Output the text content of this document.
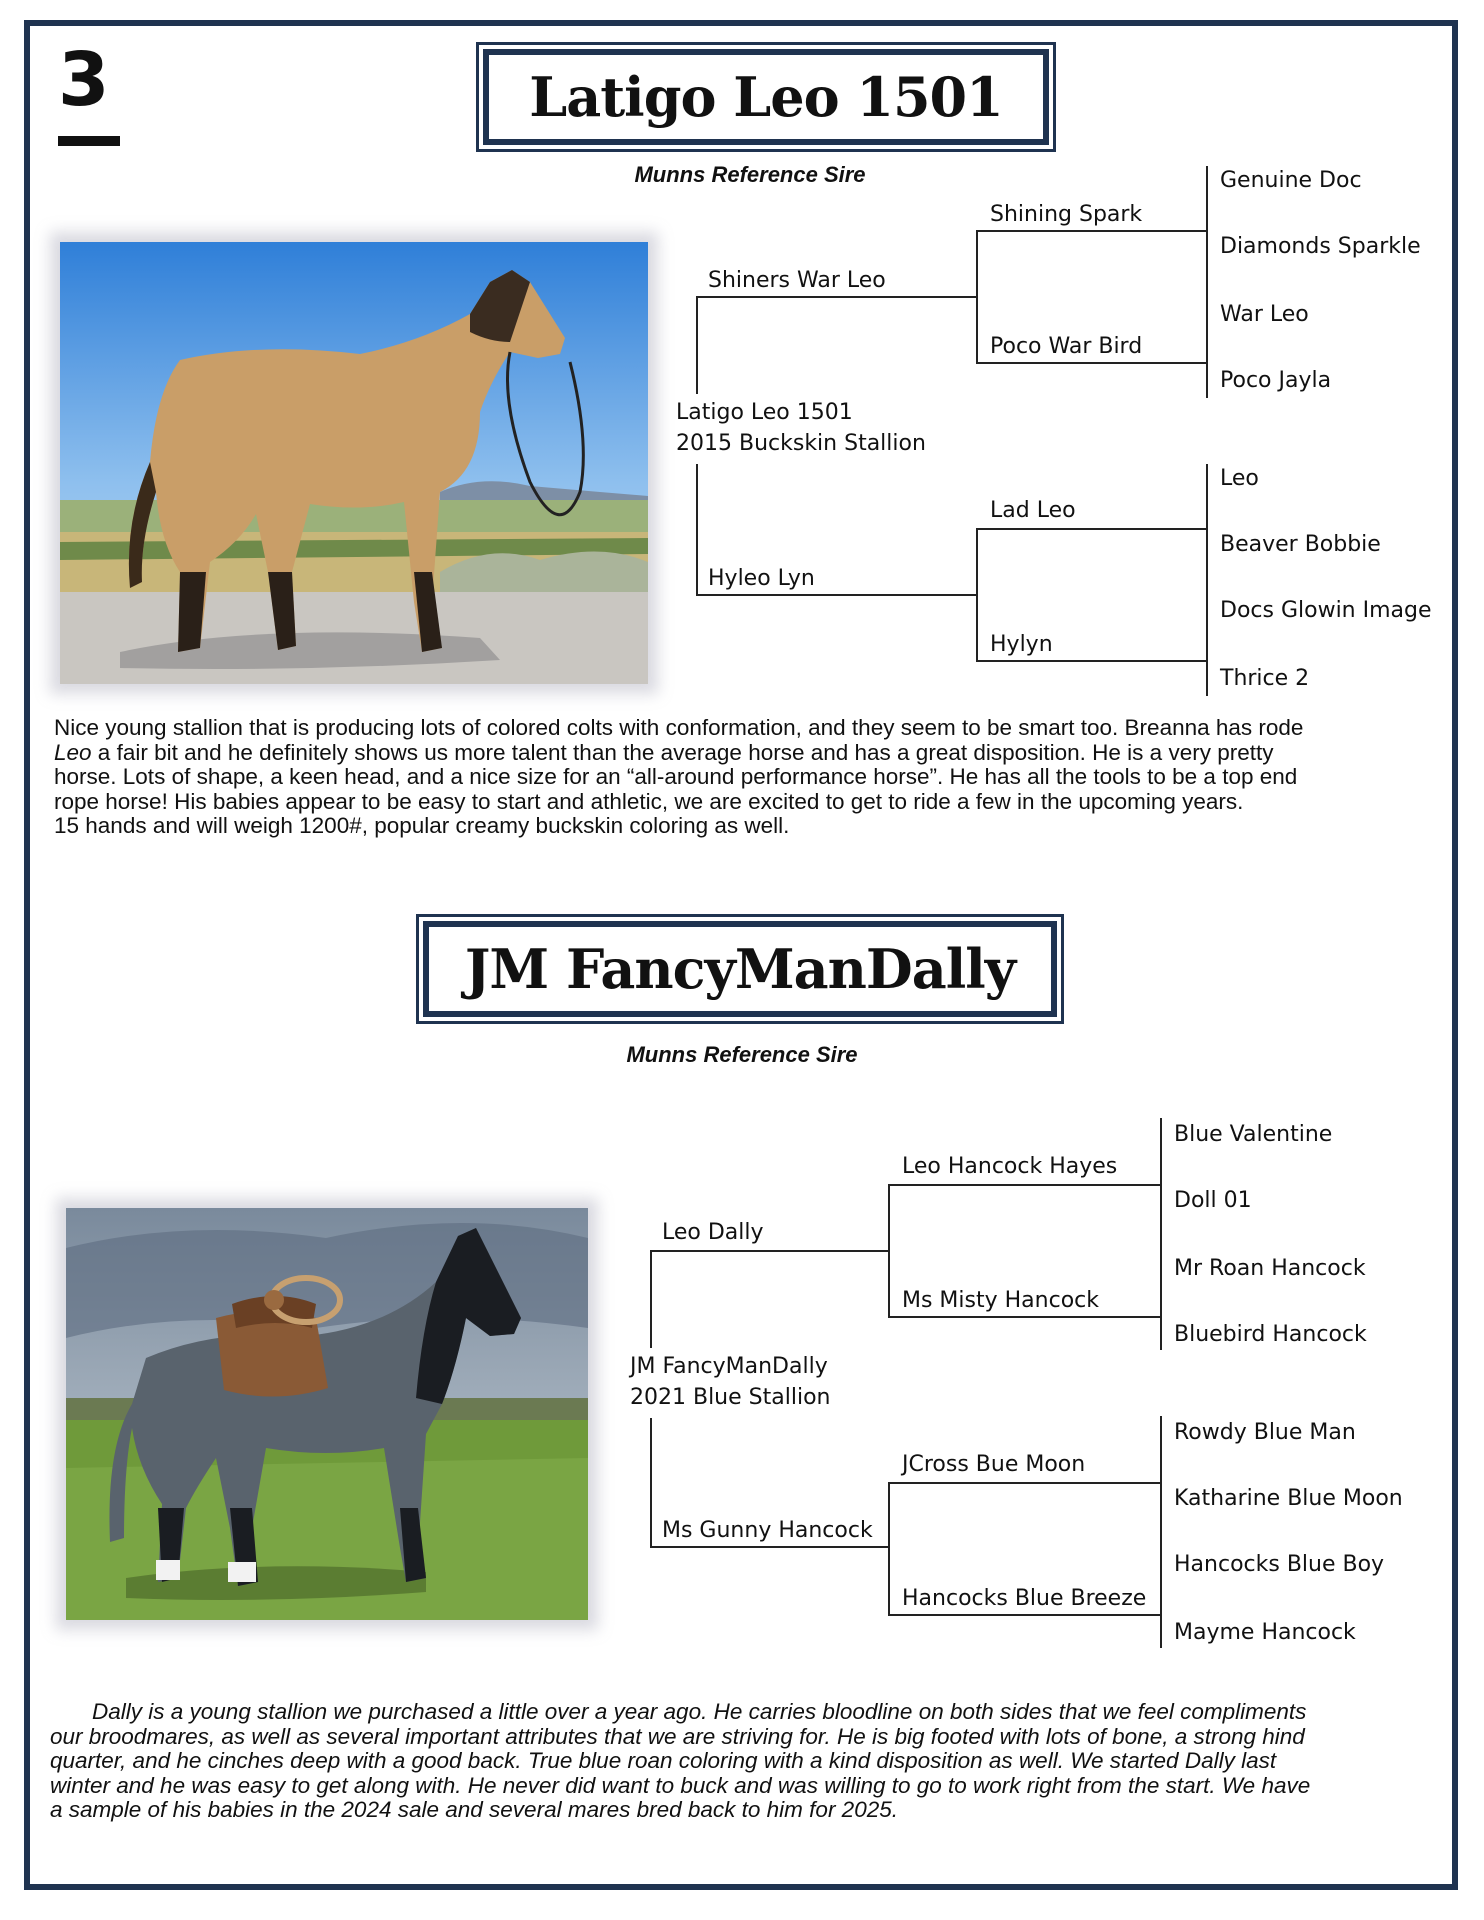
3	Latigo Leo 1501
Munns Reference Sire
Latigo Leo 1501
2015 Buckskin Stallion
Shiners War Leo
Hyleo Lyn
Shining Spark
Poco War Bird
Lad Leo
Hylyn
Genuine Doc
Diamonds Sparkle
War Leo
Poco Jayla
Leo
Beaver Bobbie
Docs Glowin Image
Thrice 2

Nice young stallion that is producing lots of colored colts with conformation, and they seem to be smart too. Breanna has rode

Leo a fair bit and he definitely shows us more talent than the average horse and has a great disposition. He is a very pretty

horse. Lots of shape, a keen head, and a nice size for an “all-around performance horse”. He has all the tools to be a top end

rope horse! His babies appear to be easy to start and athletic, we are excited to get to ride a few in the upcoming years.

15 hands and will weigh 1200#, popular creamy buckskin coloring as well.

JM FancyManDally
Munns Reference Sire
JM FancyManDally
2021 Blue Stallion
Leo Dally
Ms Gunny Hancock
Leo Hancock Hayes
Ms Misty Hancock
JCross Bue Moon
Hancocks Blue Breeze
Blue Valentine
Doll 01
Mr Roan Hancock
Bluebird Hancock
Rowdy Blue Man
Katharine Blue Moon
Hancocks Blue Boy
Mayme Hancock

Dally is a young stallion we purchased a little over a year ago. He carries bloodline on both sides that we feel compliments

our broodmares, as well as several important attributes that we are striving for. He is big footed with lots of bone, a strong hind

quarter, and he cinches deep with a good back. True blue roan coloring with a kind disposition as well. We started Dally last

winter and he was easy to get along with. He never did want to buck and was willing to go to work right from the start. We have

a sample of his babies in the 2024 sale and several mares bred back to him for 2025.
